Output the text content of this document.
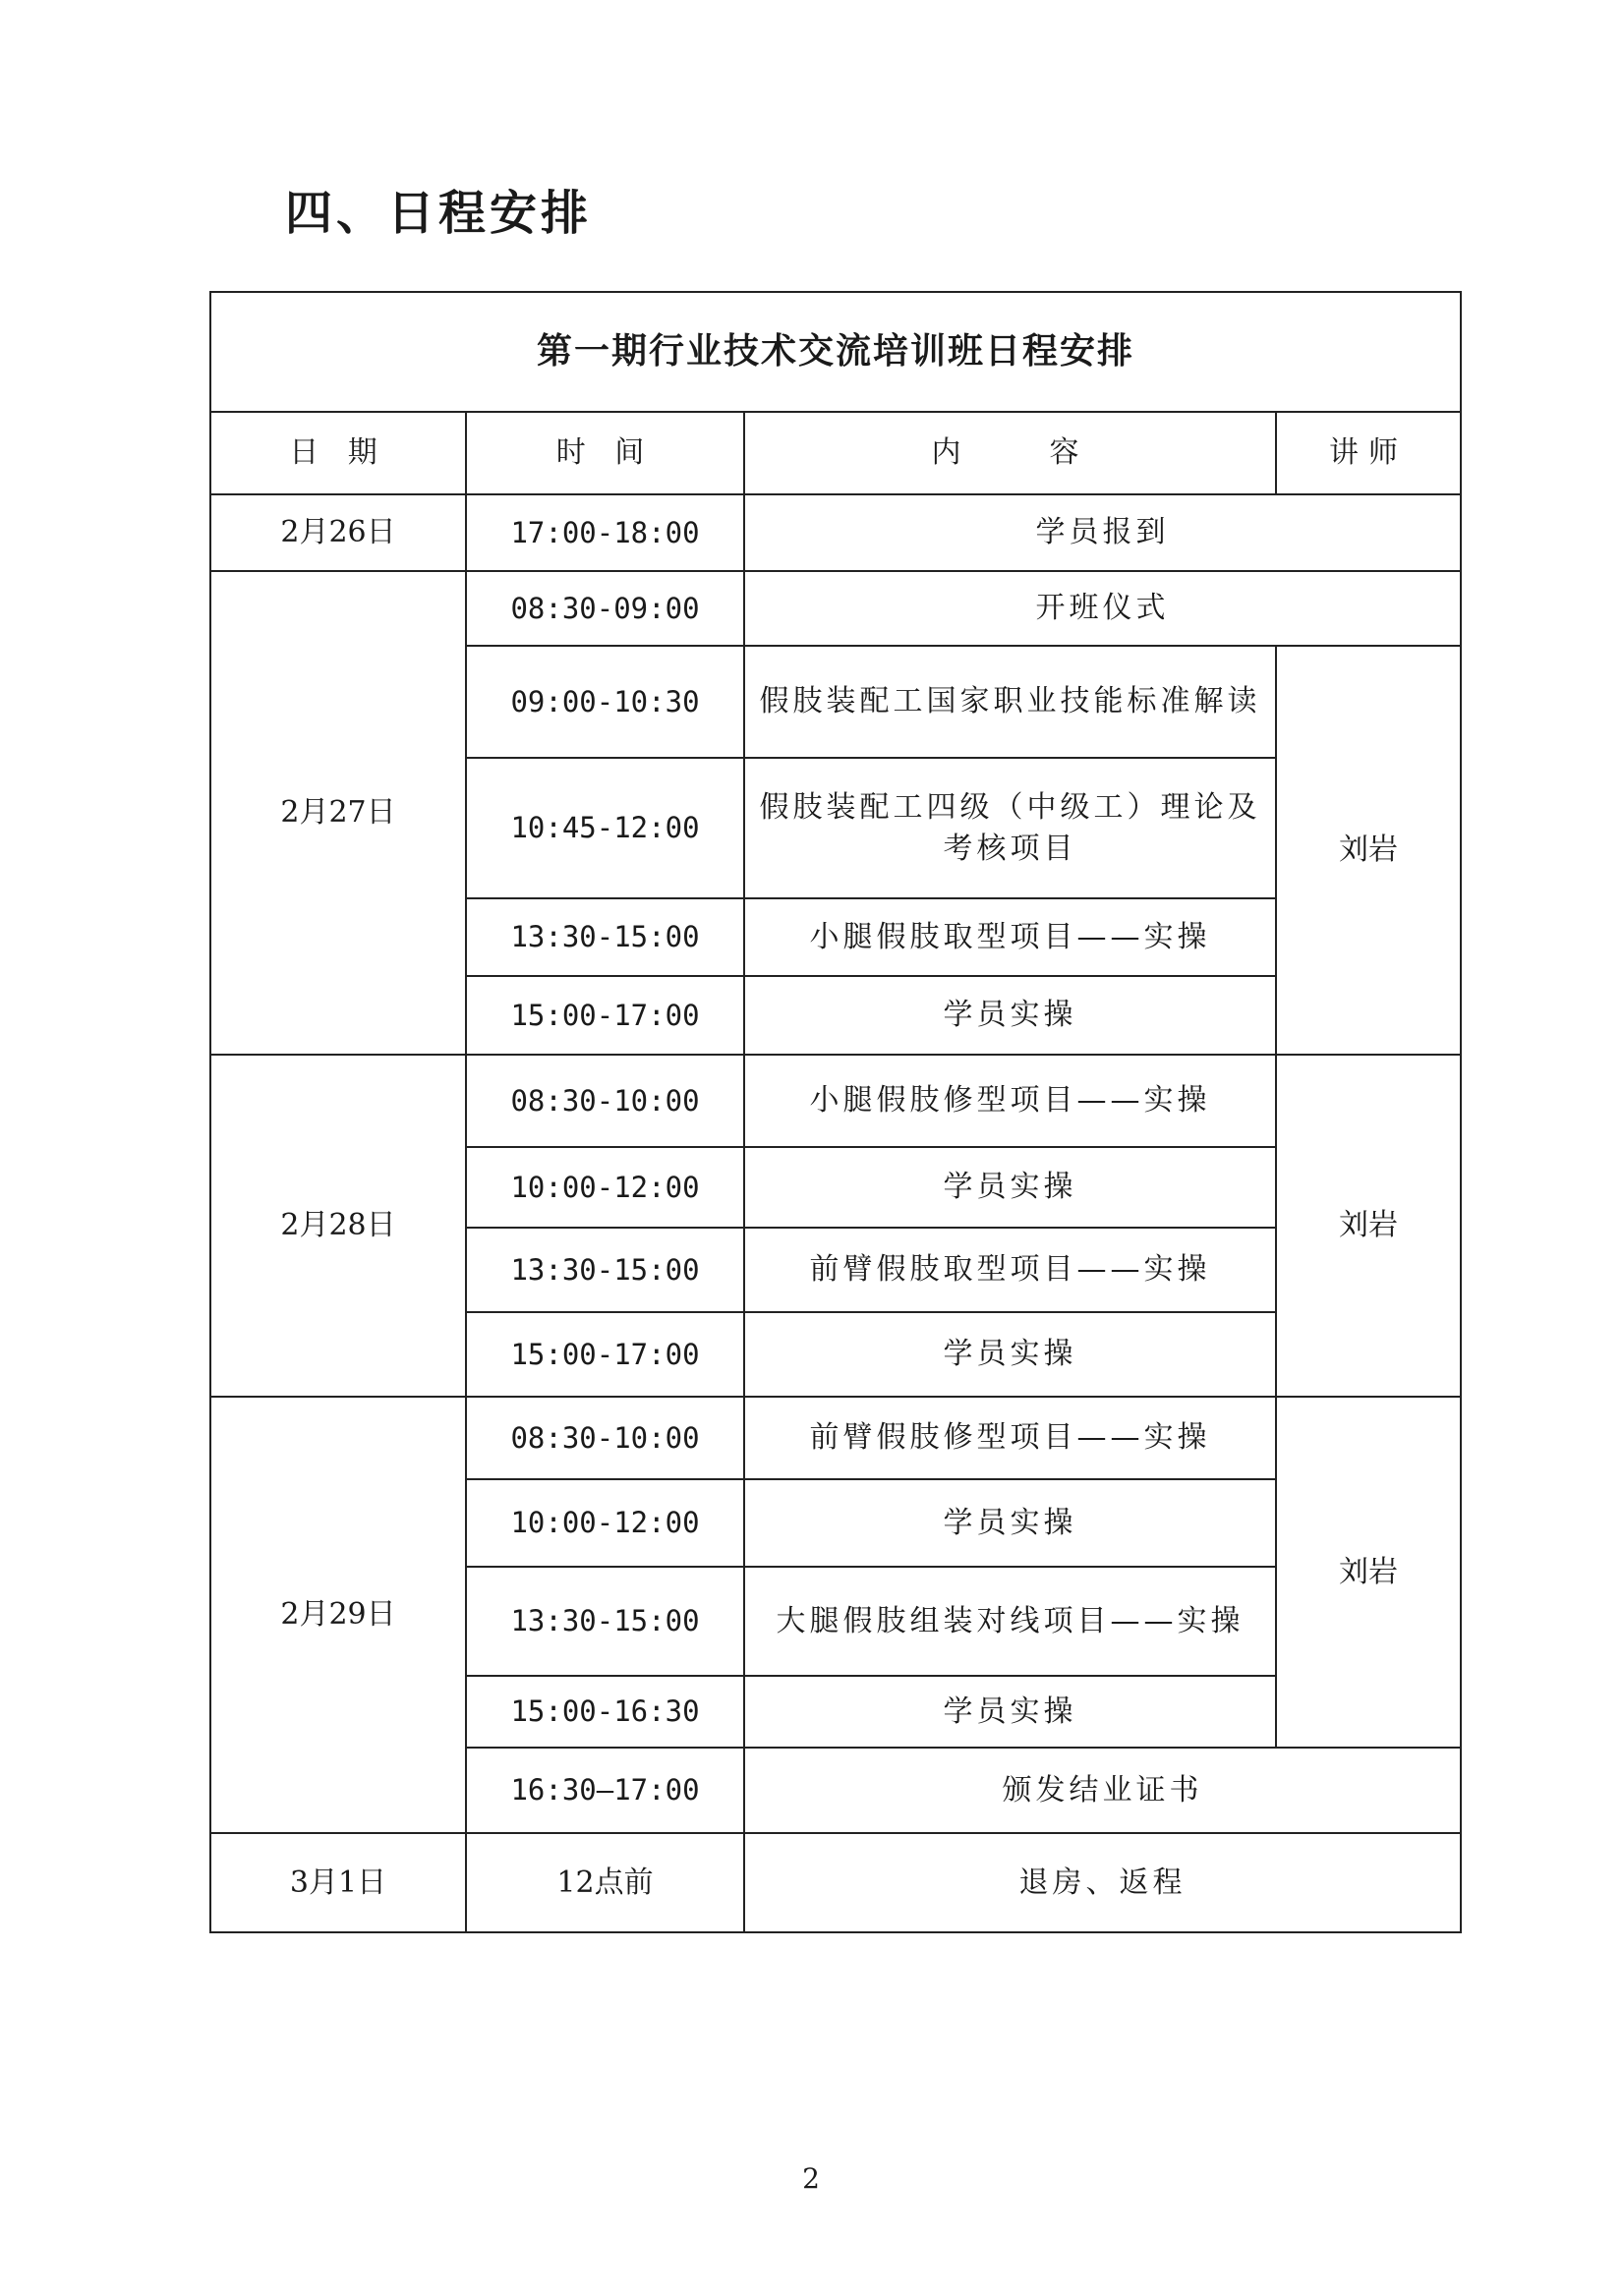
四、日程安排
第一期行业技术交流培训班日程安排			
日 期	时 间	内　　容	讲师
2月26日	17:00-18:00	学员报到	
2月27日	08:30-09:00	开班仪式	
	09:00-10:30	假肢装配工国家职业技能标准解读	刘岩
	10:45-12:00	假肢装配工四级（中级工）理论及考核项目	

	13:30-15:00	小腿假肢取型项目——实操	
	15:00-17:00	学员实操	
2月28日	08:30-10:00	小腿假肢修型项目——实操	刘岩
	10:00-12:00	学员实操	
	13:30-15:00	前臂假肢取型项目——实操	
	15:00-17:00	学员实操	
2月29日	08:30-10:00	前臂假肢修型项目——实操	刘岩
	10:00-12:00	学员实操	
	13:30-15:00	大腿假肢组装对线项目——实操	
	15:00-16:30	学员实操	
	16:30—17:00	颁发结业证书	
3月1日	12点前	退房、返程	

2
